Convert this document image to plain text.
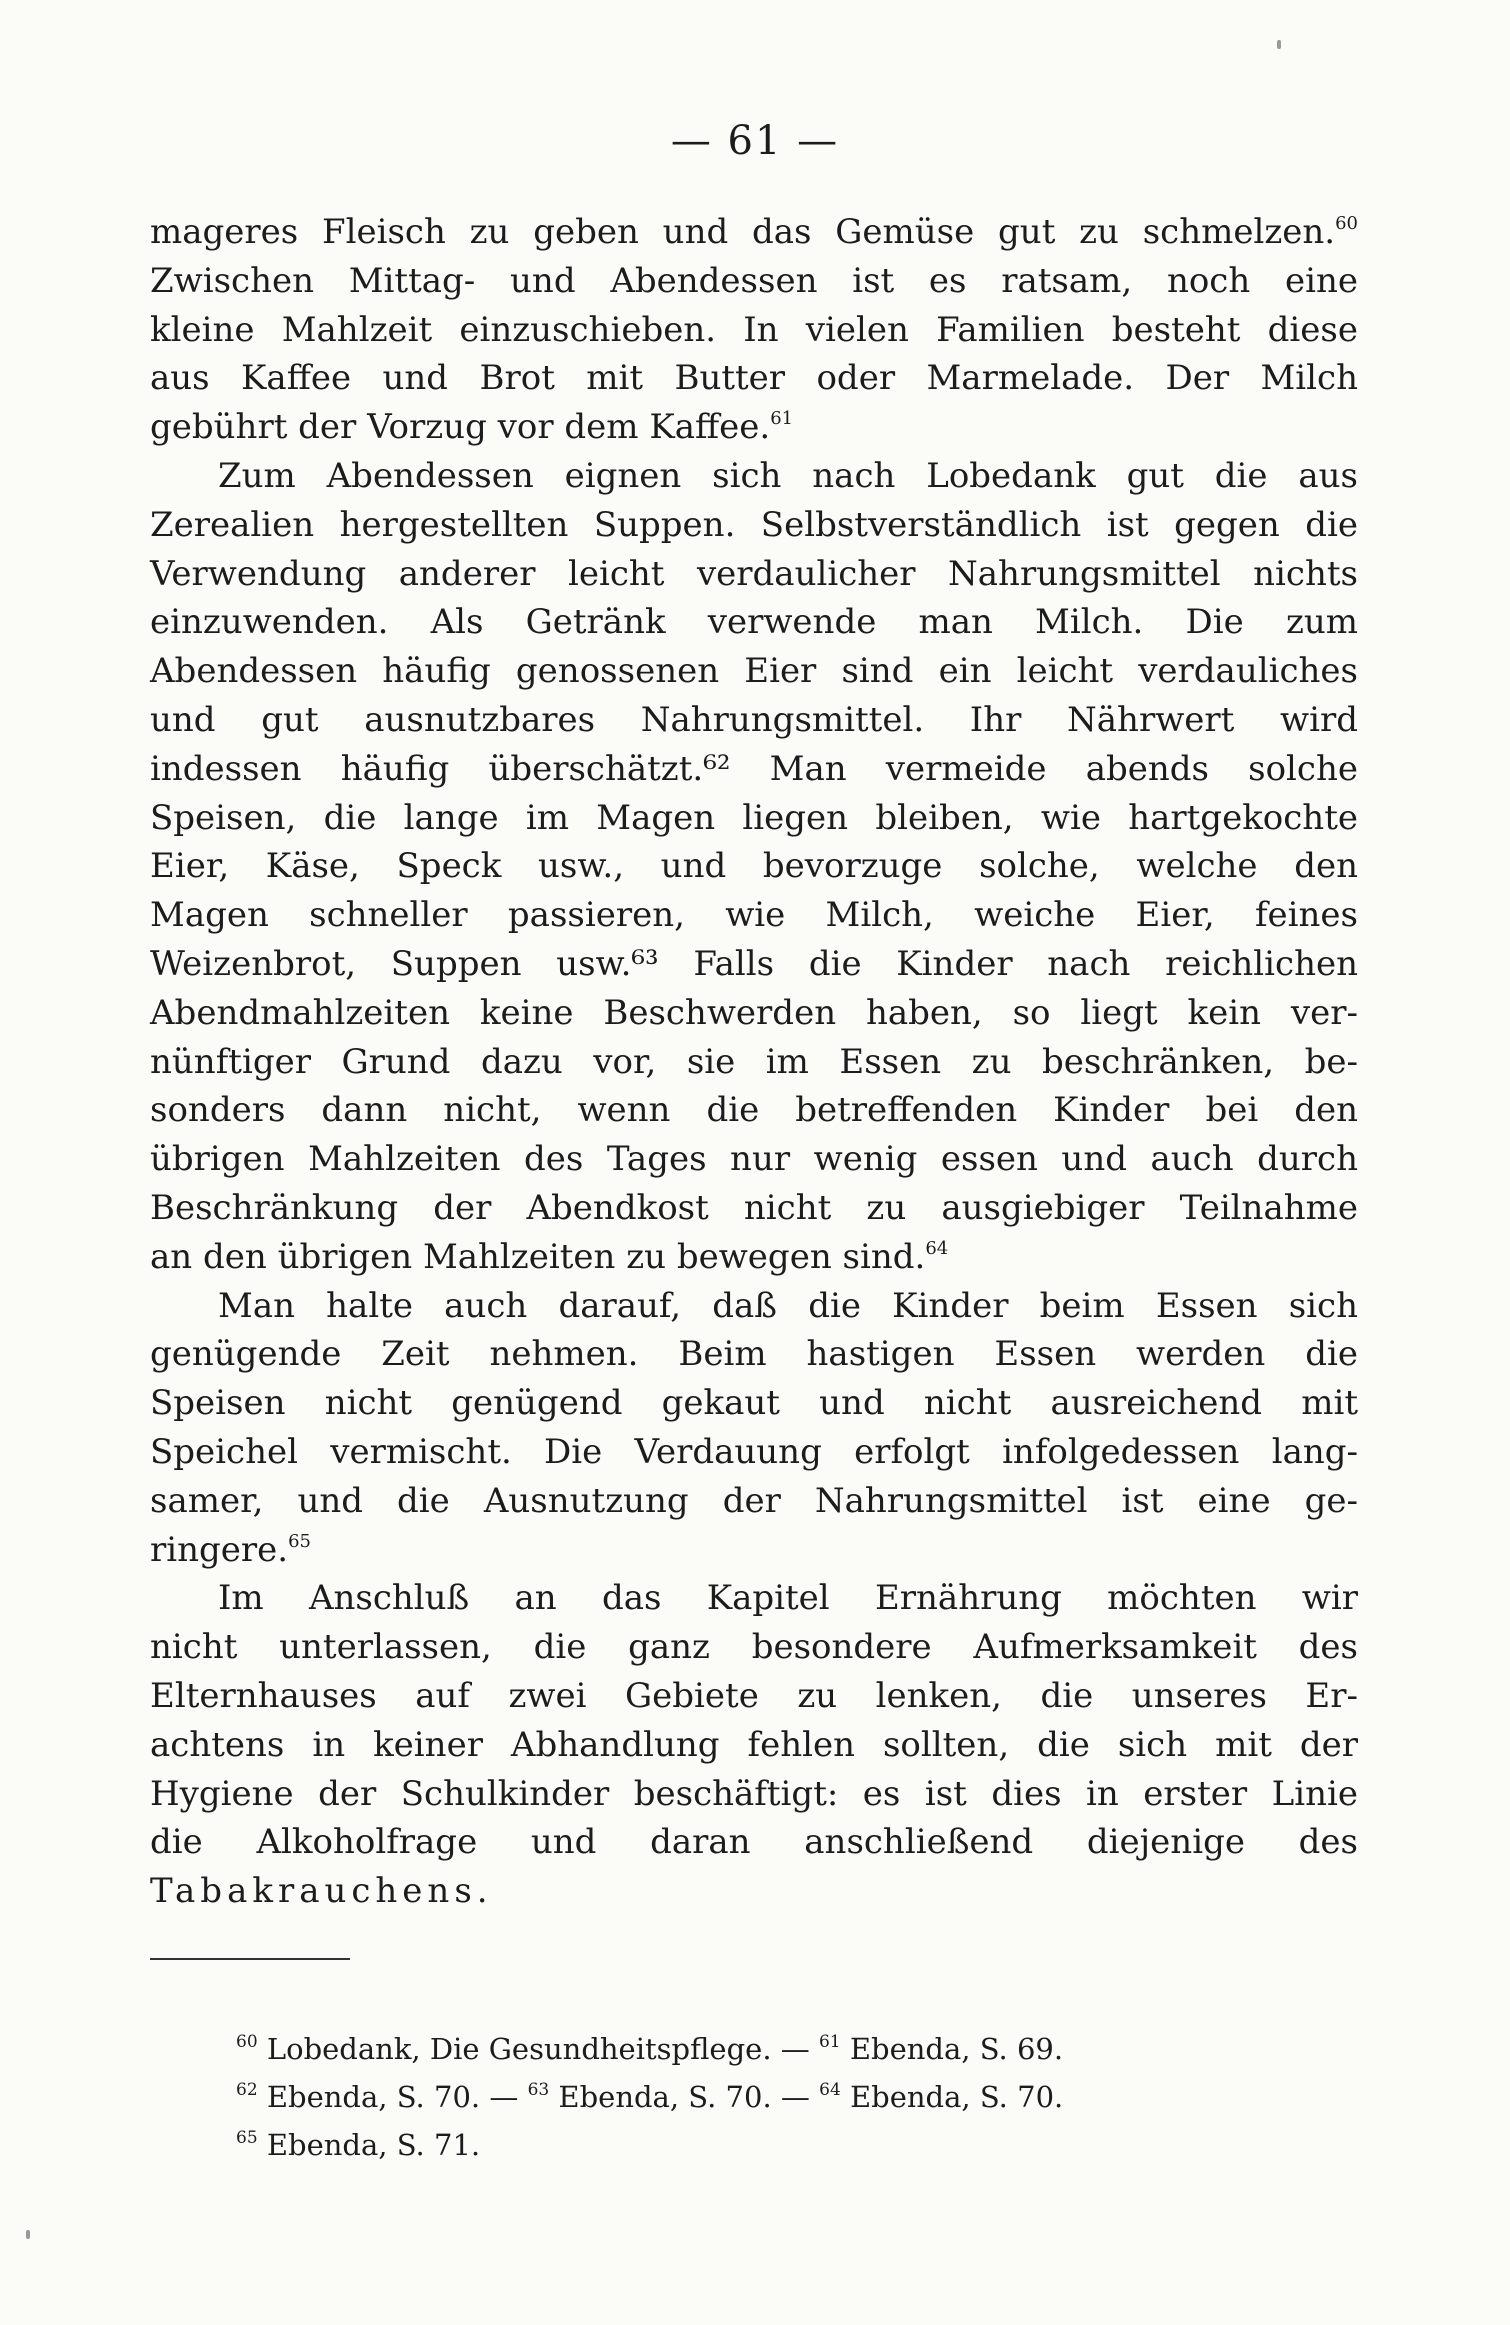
— 61 —
mageres Fleisch zu geben und das Gemüse gut zu schmelzen.$^{60}$
Zwischen Mittag- und Abendessen ist es ratsam, noch eine
kleine Mahlzeit einzuschieben. In vielen Familien besteht diese
aus Kaffee und Brot mit Butter oder Marmelade. Der Milch
gebührt der Vorzug vor dem Kaffee.$^{61}$
Zum Abendessen eignen sich nach Lobedank gut die aus
Zerealien hergestellten Suppen. Selbstverständlich ist gegen die
Verwendung anderer leicht verdaulicher Nahrungsmittel nichts
einzuwenden. Als Getränk verwende man Milch. Die zum
Abendessen häufig genossenen Eier sind ein leicht verdauliches
und gut ausnutzbares Nahrungsmittel. Ihr Nährwert wird
indessen häufig überschätzt.⁶² Man vermeide abends solche
Speisen, die lange im Magen liegen bleiben, wie hartgekochte
Eier, Käse, Speck usw., und bevorzuge solche, welche den
Magen schneller passieren, wie Milch, weiche Eier, feines
Weizenbrot, Suppen usw.⁶³ Falls die Kinder nach reichlichen
Abendmahlzeiten keine Beschwerden haben, so liegt kein ver-
nünftiger Grund dazu vor, sie im Essen zu beschränken, be-
sonders dann nicht, wenn die betreffenden Kinder bei den
übrigen Mahlzeiten des Tages nur wenig essen und auch durch
Beschränkung der Abendkost nicht zu ausgiebiger Teilnahme
an den übrigen Mahlzeiten zu bewegen sind.$^{64}$
Man halte auch darauf, daß die Kinder beim Essen sich
genügende Zeit nehmen. Beim hastigen Essen werden die
Speisen nicht genügend gekaut und nicht ausreichend mit
Speichel vermischt. Die Verdauung erfolgt infolgedessen lang-
samer, und die Ausnutzung der Nahrungsmittel ist eine ge-
ringere.$^{65}$
Im Anschluß an das Kapitel Ernährung möchten wir
nicht unterlassen, die ganz besondere Aufmerksamkeit des
Elternhauses auf zwei Gebiete zu lenken, die unseres Er-
achtens in keiner Abhandlung fehlen sollten, die sich mit der
Hygiene der Schulkinder beschäftigt: es ist dies in erster Linie
die Alkoholfrage und daran anschließend diejenige des
Tabakrauchens.
$^{60}$ Lobedank, Die Gesundheitspflege. — $^{61}$ Ebenda, S. 69.
$^{62}$ Ebenda, S. 70. — $^{63}$ Ebenda, S. 70. — $^{64}$ Ebenda, S. 70.
$^{65}$ Ebenda, S. 71.
